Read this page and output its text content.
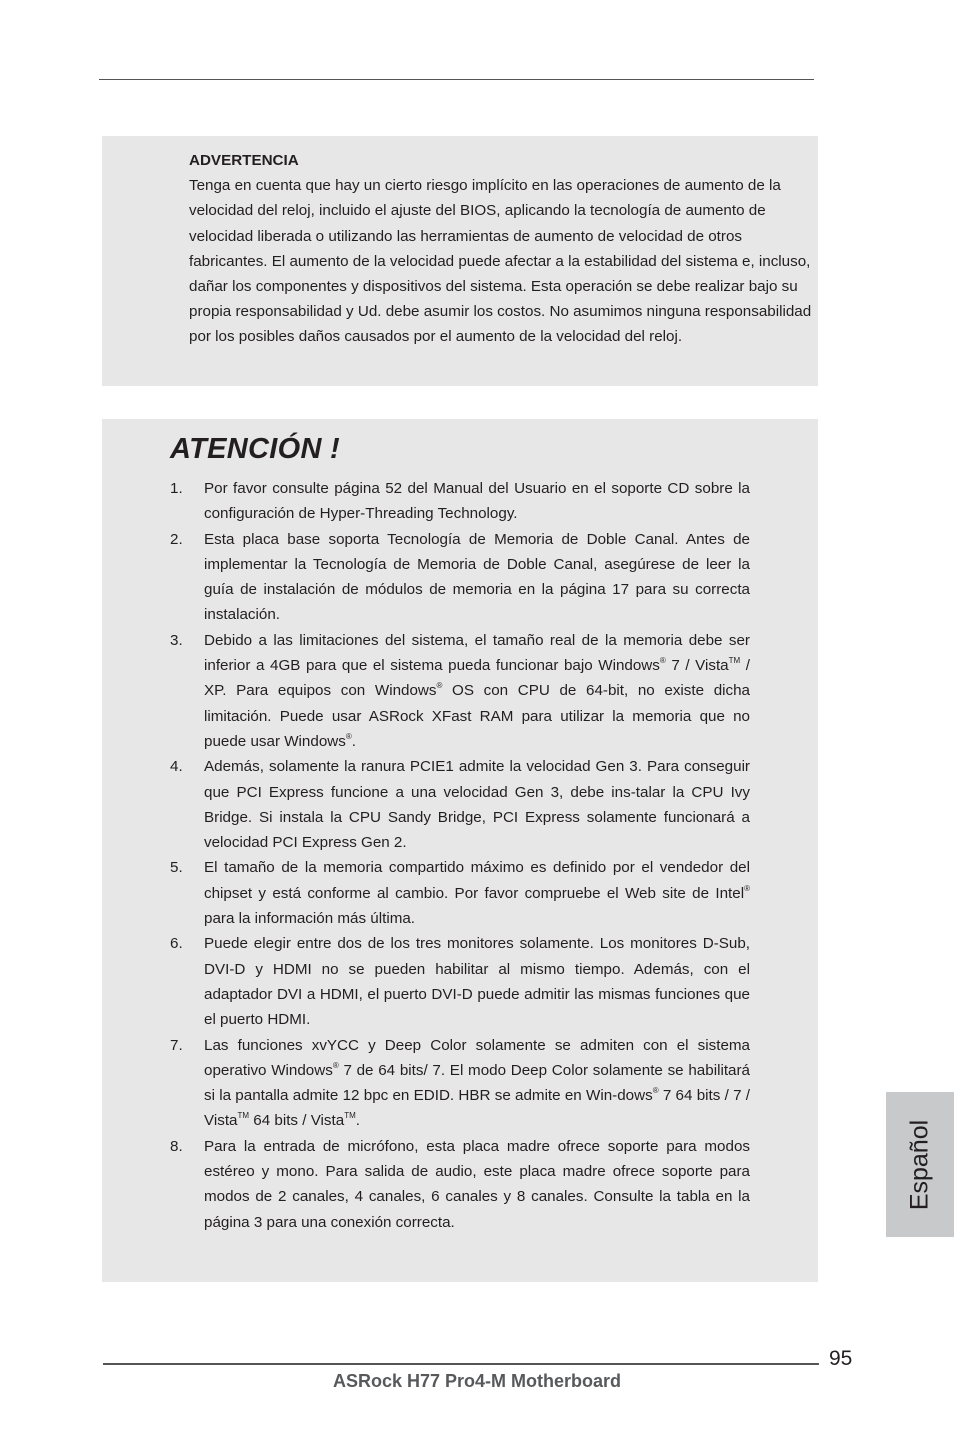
ADVERTENCIA
Tenga en cuenta que hay un cierto riesgo implícito en las operaciones de aumento de la velocidad del reloj, incluido el ajuste del BIOS, aplicando la tecnología de aumento de velocidad liberada o utilizando las herramientas de aumento de velocidad de otros fabricantes. El aumento de la velocidad puede afectar a la estabilidad del sistema e, incluso, dañar los componentes y dispositivos del sistema. Esta operación se debe realizar bajo su propia responsabilidad y Ud. debe asumir los costos. No asumimos ninguna responsabilidad por los posibles daños causados por el aumento de la velocidad del reloj.
ATENCIÓN !
1. Por favor consulte página 52 del Manual del Usuario en el soporte CD sobre la configuración de Hyper-Threading Technology.
2. Esta placa base soporta Tecnología de Memoria de Doble Canal. Antes de implementar la Tecnología de Memoria de Doble Canal, asegúrese de leer la guía de instalación de módulos de memoria en la página 17 para su correcta instalación.
3. Debido a las limitaciones del sistema, el tamaño real de la memoria debe ser inferior a 4GB para que el sistema pueda funcionar bajo Windows® 7 / Vista™ / XP. Para equipos con Windows® OS con CPU de 64-bit, no existe dicha limitación. Puede usar ASRock XFast RAM para utilizar la memoria que no puede usar Windows®.
4. Además, solamente la ranura PCIE1 admite la velocidad Gen 3. Para conseguir que PCI Express funcione a una velocidad Gen 3, debe ins-talar la CPU Ivy Bridge. Si instala la CPU Sandy Bridge, PCI Express solamente funcionará a velocidad PCI Express Gen 2.
5. El tamaño de la memoria compartido máximo es definido por el vendedor del chipset y está conforme al cambio. Por favor compruebe el Web site de Intel® para la información más última.
6. Puede elegir entre dos de los tres monitores solamente. Los monitores D-Sub, DVI-D y HDMI no se pueden habilitar al mismo tiempo. Además, con el adaptador DVI a HDMI, el puerto DVI-D puede admitir las mismas funciones que el puerto HDMI.
7. Las funciones xvYCC y Deep Color solamente se admiten con el sistema operativo Windows® 7 de 64 bits/ 7. El modo Deep Color solamente se habilitará si la pantalla admite 12 bpc en EDID. HBR se admite en Win-dows® 7 64 bits / 7 / Vista™ 64 bits / Vista™.
8. Para la entrada de micrófono, esta placa madre ofrece soporte para modos estéreo y mono. Para salida de audio, este placa madre ofrece soporte para modos de 2 canales, 4 canales, 6 canales y 8 canales. Consulte la tabla en la página 3 para una conexión correcta.
Español
95
ASRock H77 Pro4-M Motherboard
